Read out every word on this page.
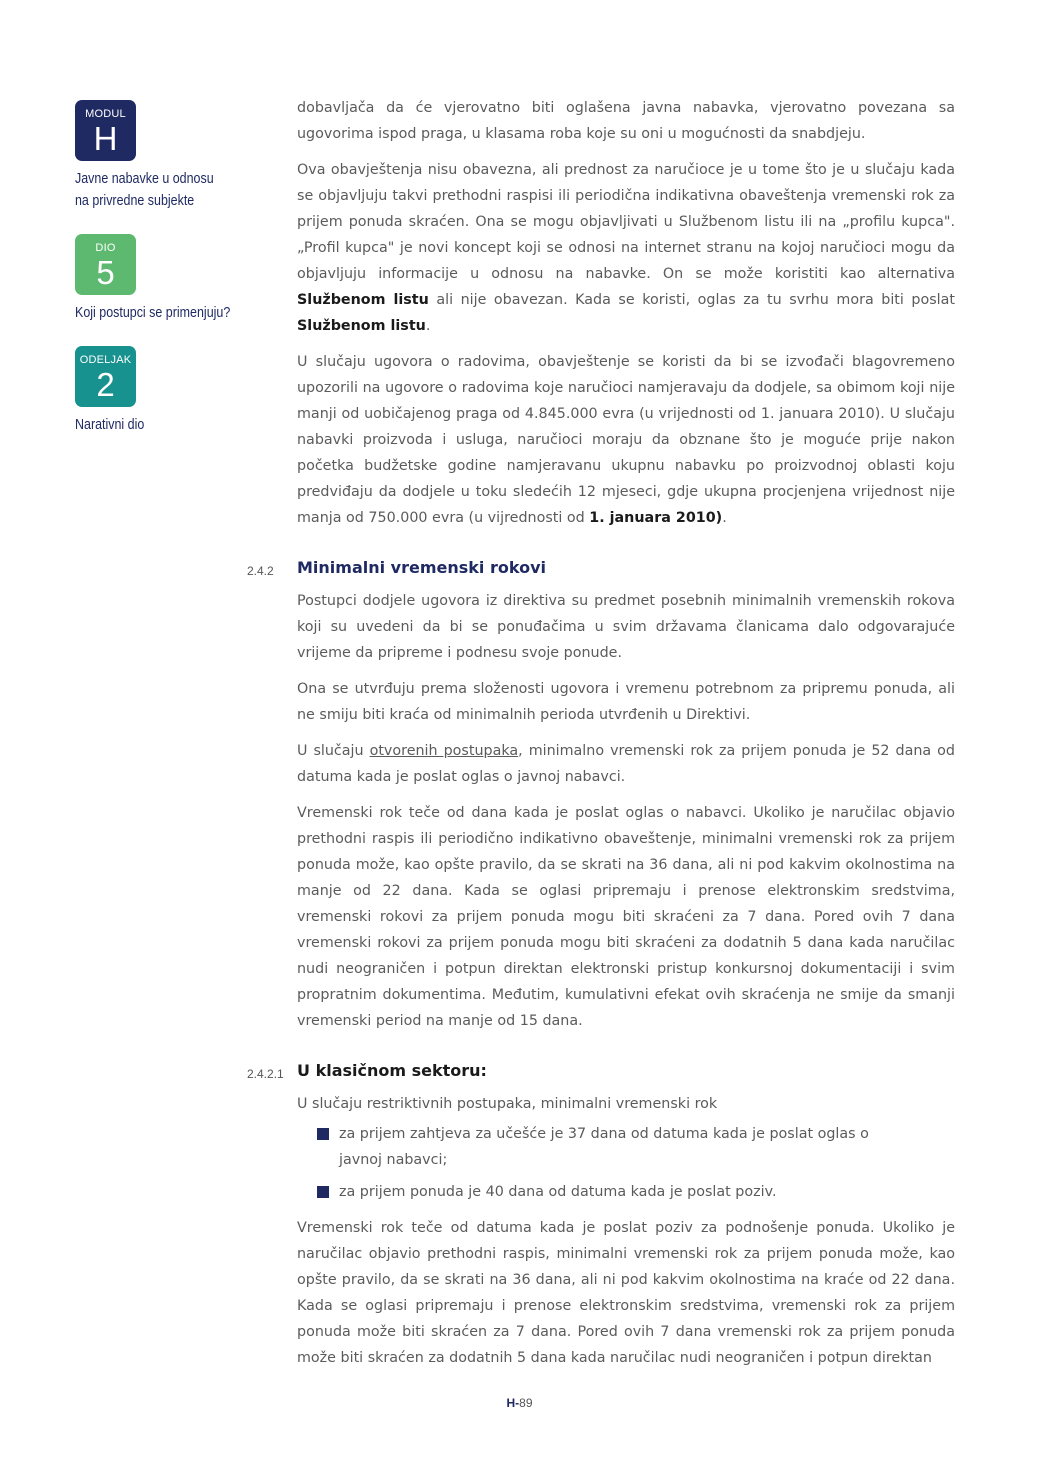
MODUL
H
Javne nabavke u odnosu
na privredne subjekte
DIO
5
Koji postupci se primenjuju?
ODELJAK
2
Narativni dio

dobavljača da će vjerovatno biti oglašena javna nabavka, vjerovatno povezana sa ugovorima ispod praga, u klasama roba koje su oni u mogućnosti da snabdjeju.

Ova obavještenja nisu obavezna, ali prednost za naručioce je u tome što je u slučaju kada se objavljuju takvi prethodni raspisi ili periodična indikativna obaveštenja vremenski rok za prijem ponuda skraćen. Ona se mogu objavljivati u Službenom listu ili na „profilu kupca". „Profil kupca" je novi koncept koji se odnosi na internet stranu na kojoj naručioci mogu da objavljuju informacije u odnosu na nabavke. On se može koristiti kao alternativa Službenom listu ali nije obavezan. Kada se koristi, oglas za tu svrhu mora biti poslat Službenom listu.

U slučaju ugovora o radovima, obavještenje se koristi da bi se izvođači blagovremeno upozorili na ugovore o radovima koje naručioci namjeravaju da dodjele, sa obimom koji nije manji od uobičajenog praga od 4.845.000 evra (u vrijednosti od 1. januara 2010). U slučaju nabavki proizvoda i usluga, naručioci moraju da obznane što je moguće prije nakon početka budžetske godine namjeravanu ukupnu nabavku po proizvodnoj oblasti koju predviđaju da dodjele u toku sledećih 12 mjeseci, gdje ukupna procjenjena vrijednost nije manja od 750.000 evra (u vijrednosti od 1. januara 2010).

2.4.2 Minimalni vremenski rokovi

Postupci dodjele ugovora iz direktiva su predmet posebnih minimalnih vremenskih rokova koji su uvedeni da bi se ponuđačima u svim državama članicama dalo odgovarajuće vrijeme da pripreme i podnesu svoje ponude.

Ona se utvrđuju prema složenosti ugovora i vremenu potrebnom za pripremu ponuda, ali ne smiju biti kraća od minimalnih perioda utvrđenih u Direktivi.

U slučaju otvorenih postupaka, minimalno vremenski rok za prijem ponuda je 52 dana od datuma kada je poslat oglas o javnoj nabavci.

Vremenski rok teče od dana kada je poslat oglas o nabavci. Ukoliko je naručilac objavio prethodni raspis ili periodično indikativno obaveštenje, minimalni vremenski rok za prijem ponuda može, kao opšte pravilo, da se skrati na 36 dana, ali ni pod kakvim okolnostima na manje od 22 dana. Kada se oglasi pripremaju i prenose elektronskim sredstvima, vremenski rokovi za prijem ponuda mogu biti skraćeni za 7 dana. Pored ovih 7 dana vremenski rokovi za prijem ponuda mogu biti skraćeni za dodatnih 5 dana kada naručilac nudi neograničen i potpun direktan elektronski pristup konkursnoj dokumentaciji i svim propratnim dokumentima. Međutim, kumulativni efekat ovih skraćenja ne smije da smanji vremenski period na manje od 15 dana.

2.4.2.1 U klasičnom sektoru:

U slučaju restriktivnih postupaka, minimalni vremenski rok

za prijem zahtjeva za učešće je 37 dana od datuma kada je poslat oglas o javnoj nabavci;
za prijem ponuda je 40 dana od datuma kada je poslat poziv.

Vremenski rok teče od datuma kada je poslat poziv za podnošenje ponuda. Ukoliko je naručilac objavio prethodni raspis, minimalni vremenski rok za prijem ponuda može, kao opšte pravilo, da se skrati na 36 dana, ali ni pod kakvim okolnostima na kraće od 22 dana. Kada se oglasi pripremaju i prenose elektronskim sredstvima, vremenski rok za prijem ponuda može biti skraćen za 7 dana. Pored ovih 7 dana vremenski rok za prijem ponuda može biti skraćen za dodatnih 5 dana kada naručilac nudi neograničen i potpun direktan

H-89
